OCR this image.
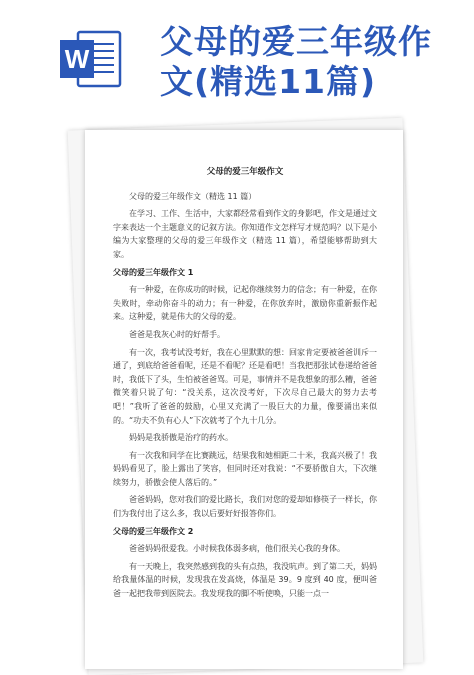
W 父母的爱三年级作
文(精选11篇)
父母的爱三年级作文
父母的爱三年级作文（精选 11 篇）
在学习、工作、生活中，大家都经常看到作文的身影吧，作文是通过文字来表达一个主题意义的记叙方法。你知道作文怎样写才规范吗？以下是小编为大家整理的父母的爱三年级作文（精选 11 篇），希望能够帮助到大家。
父母的爱三年级作文 1
有一种爱，在你成功的时候，记起你继续努力的信念；有一种爱，在你失败时，牵动你奋斗的动力；有一种爱，在你放弃时，激励你重新振作起来。这种爱，就是伟大的父母的爱。
爸爸是我灰心时的好帮手。
有一次，我考试没考好，我在心里默默的想：回家肯定要被爸爸训斥一通了，到底给爸爸看呢，还是不看呢？还是看吧！当我把那张试卷递给爸爸时，我低下了头，生怕被爸爸骂。可是，事情并不是我想象的那么糟，爸爸微笑着只说了句：“没关系，这次没考好，下次尽自己最大的努力去考吧！”我听了爸爸的鼓励，心里又充满了一股巨大的力量，像要涌出来似的。“功夫不负有心人”下次就考了个九十几分。
妈妈是我骄傲是治疗的药水。
有一次我和同学在比赛跳远，结果我和她相距二十米，我高兴极了！我妈妈看见了，脸上露出了笑容，但同时还对我说：“不要骄傲自大，下次继续努力，骄傲会使人落后的。”
爸爸妈妈，您对我们的爱比路长，我们对您的爱却如修筷子一样长，你们为我付出了这么多，我以后要好好报答你们。
父母的爱三年级作文 2
爸爸妈妈很爱我。小时候我体弱多病，他们很关心我的身体。
有一天晚上，我突然感到我的头有点热，我没吭声。到了第二天，妈妈给我量体温的时候，发现我在发高烧，体温是 39。9 度到 40 度，便叫爸爸一起把我带到医院去。我发现我的脚不听使唤，只能一点一
